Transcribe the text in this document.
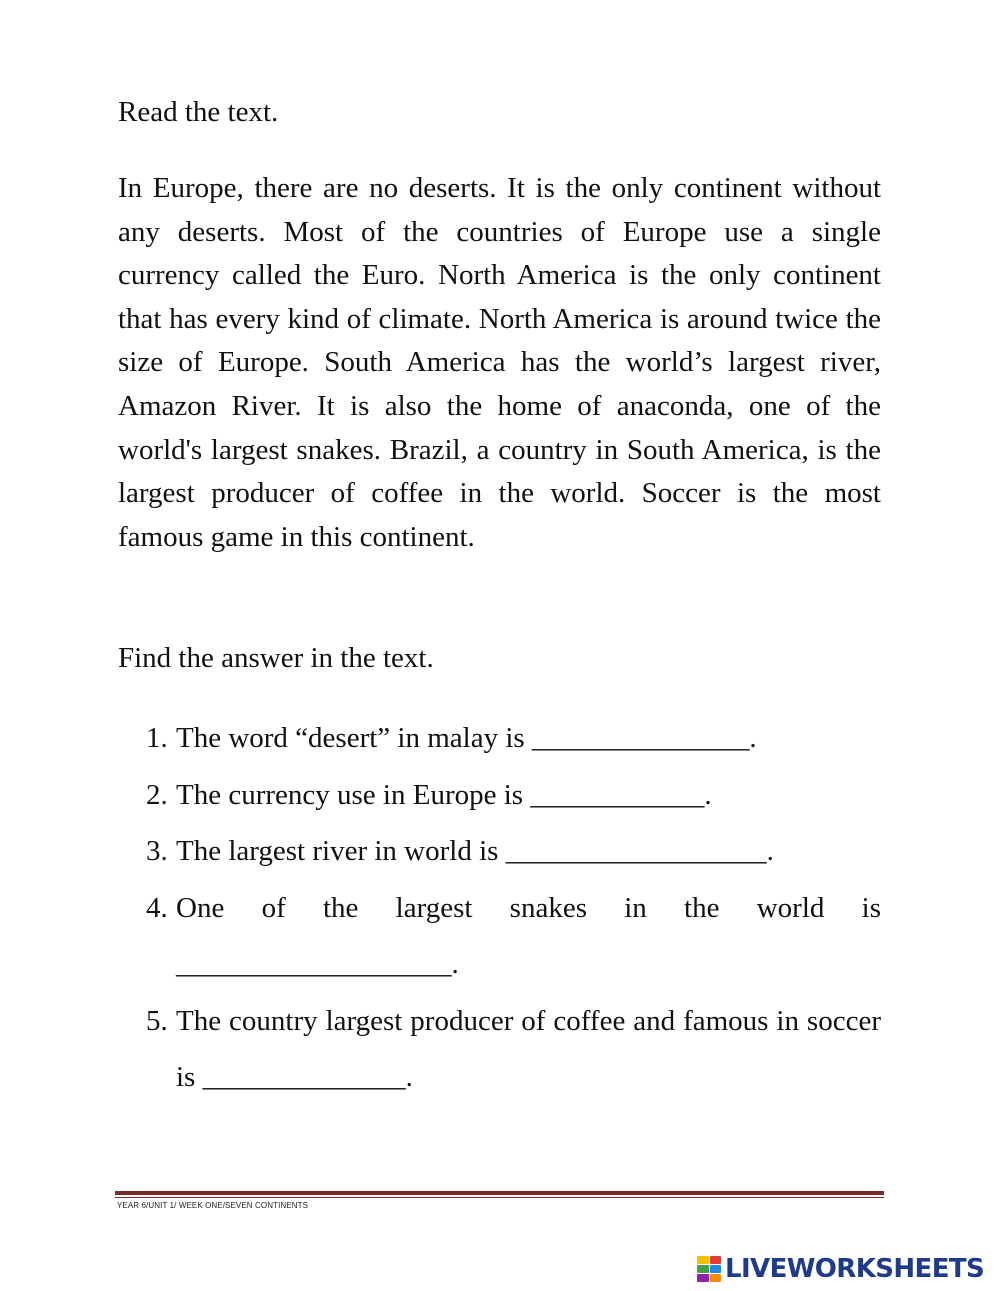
Read the text.

In Europe, there are no deserts. It is the only continent without any deserts. Most of the countries of Europe use a single currency called the Euro. North America is the only continent that has every kind of climate. North America is around twice the size of Europe. South America has the world’s largest river, Amazon River. It is also the home of anaconda, one of the world's largest snakes. Brazil, a country in South America, is the largest producer of coffee in the world. Soccer is the most famous game in this continent.

Find the answer in the text.

1. The word “desert” in malay is _______________.
2. The currency use in Europe is ____________.
3. The largest river in world is __________________.
4. One of the largest snakes in the world is ___________________.
5. The country largest producer of coffee and famous in soccer is ______________.
YEAR 6/UNIT 1/ WEEK ONE/SEVEN CONTINENTS
LIVEWORKSHEETS
